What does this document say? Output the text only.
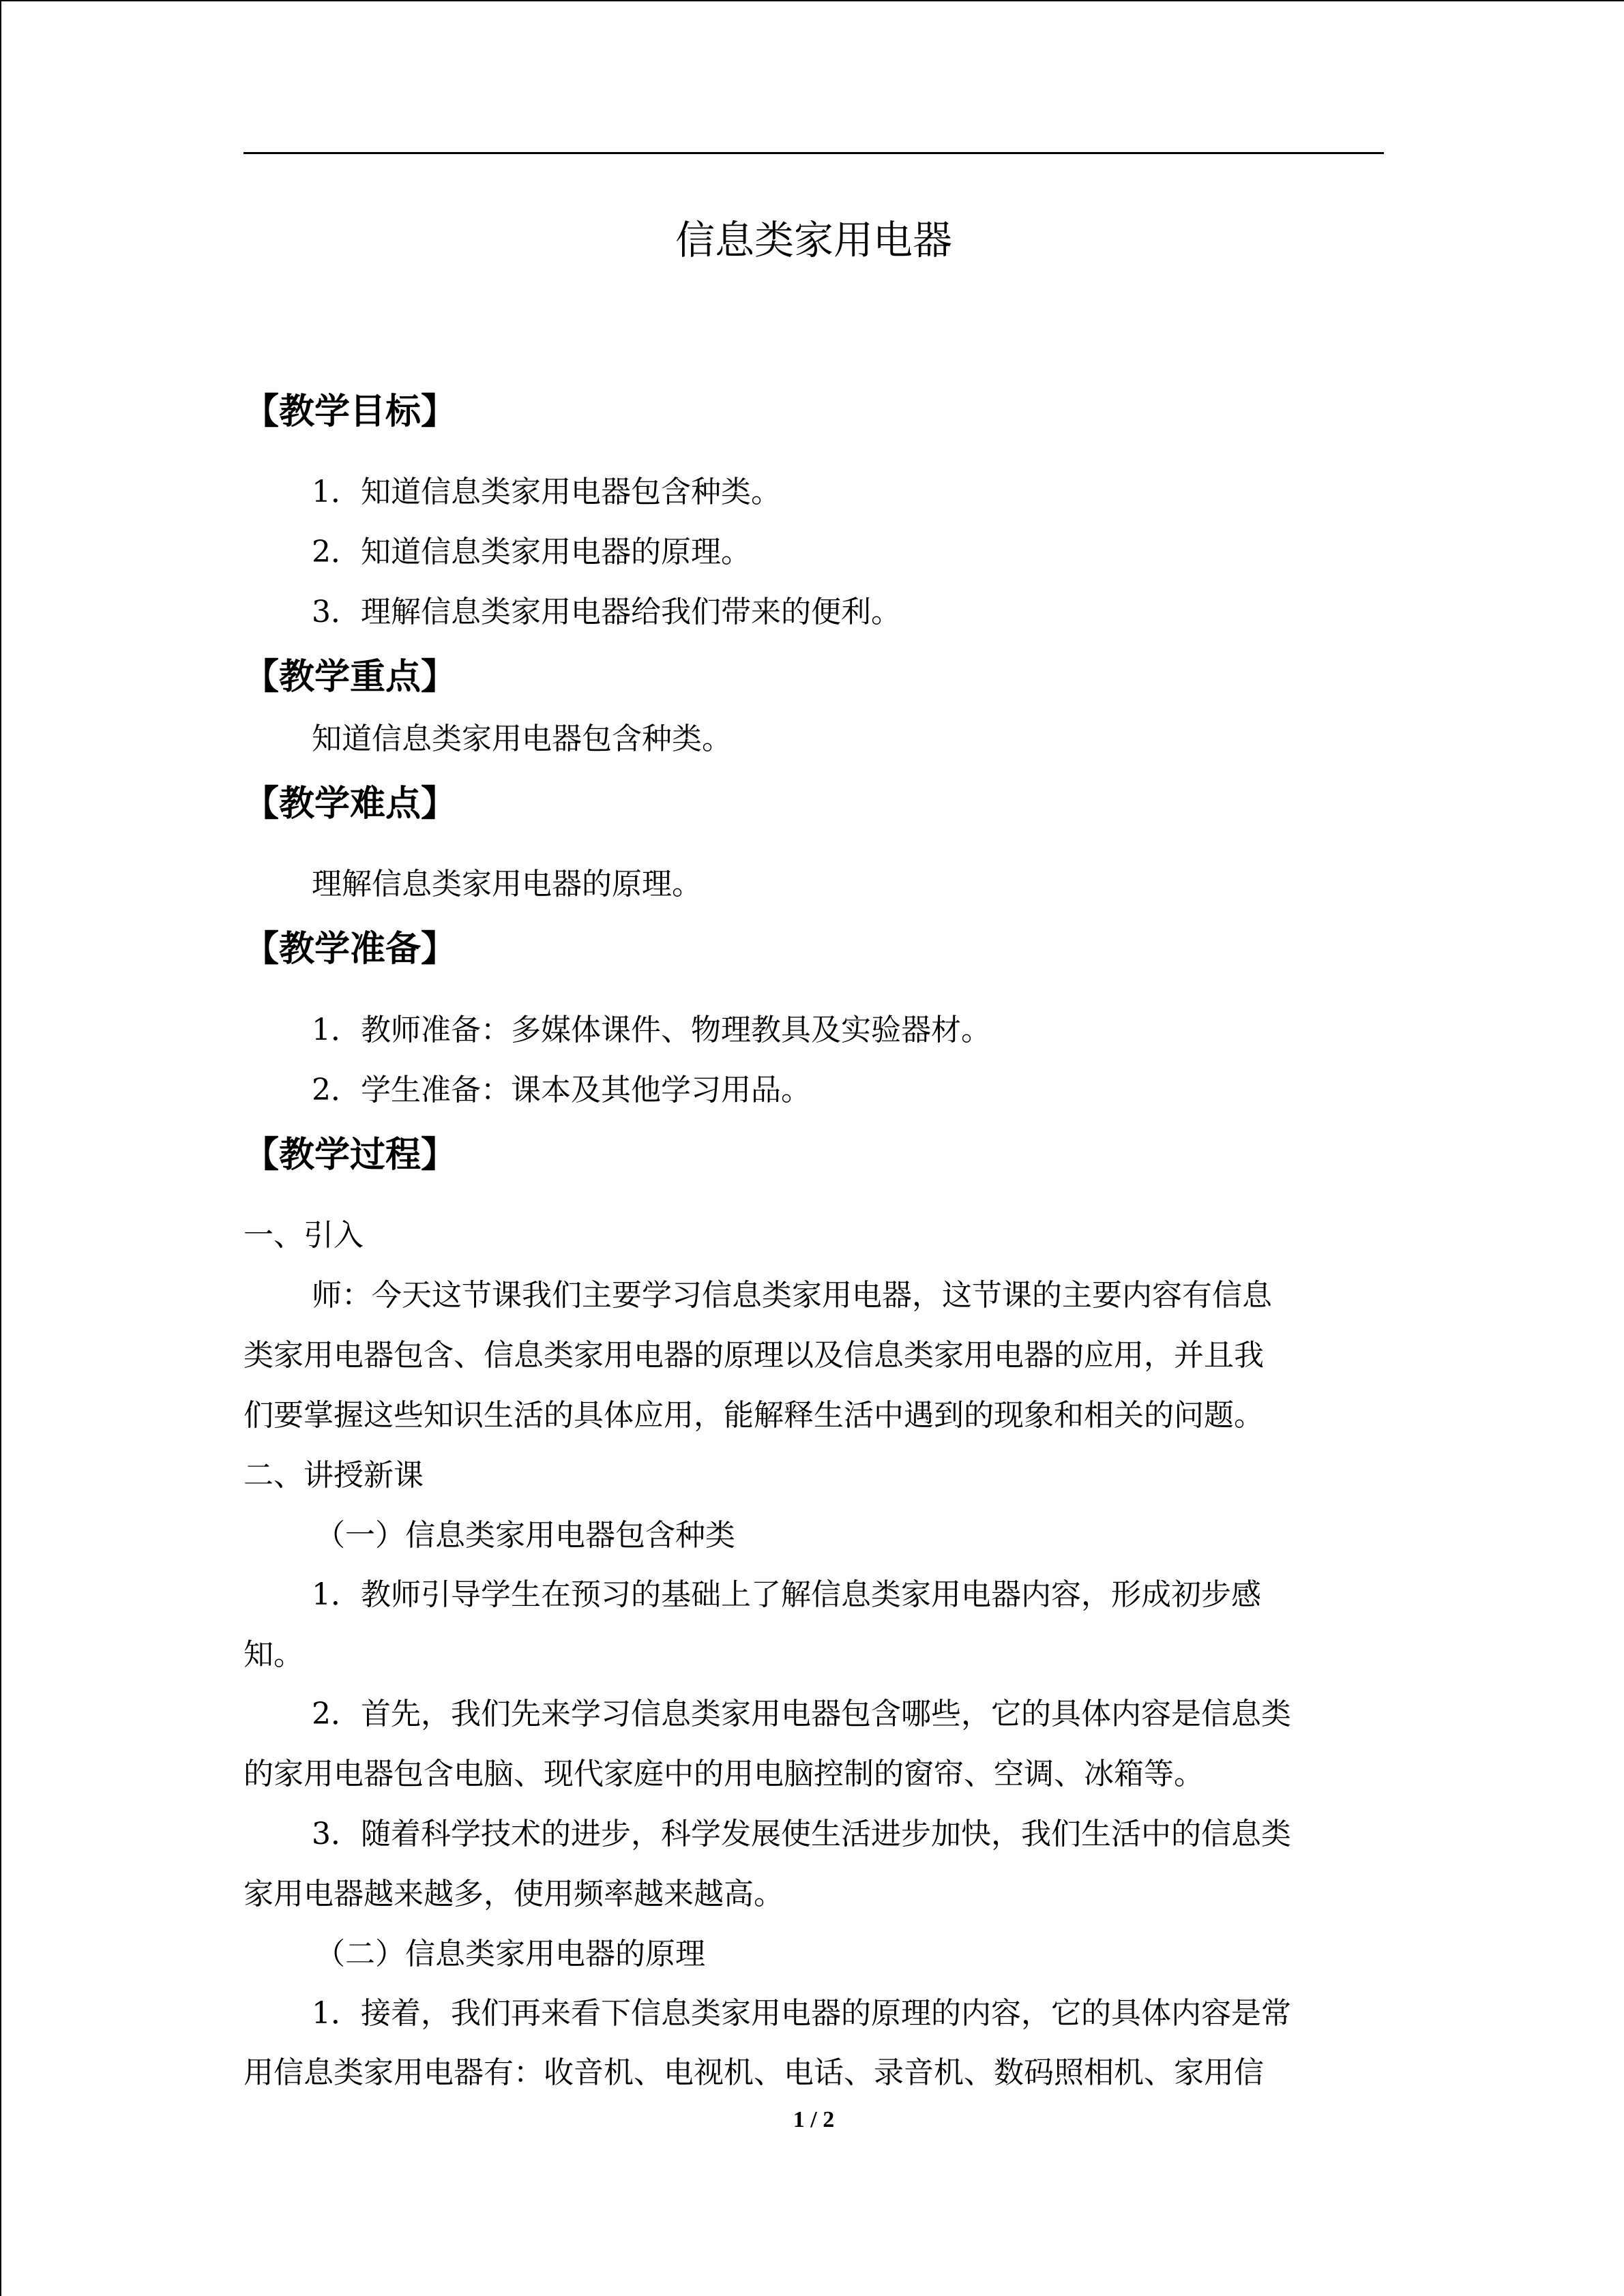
信息类家用电器
【教学目标】
1．知道信息类家用电器包含种类。
2．知道信息类家用电器的原理。
3．理解信息类家用电器给我们带来的便利。
【教学重点】
知道信息类家用电器包含种类。
【教学难点】
理解信息类家用电器的原理。
【教学准备】
1．教师准备：多媒体课件、物理教具及实验器材。
2．学生准备：课本及其他学习用品。
【教学过程】
一、引入
师：今天这节课我们主要学习信息类家用电器，这节课的主要内容有信息
类家用电器包含、信息类家用电器的原理以及信息类家用电器的应用，并且我
们要掌握这些知识生活的具体应用，能解释生活中遇到的现象和相关的问题。
二、讲授新课
（一）信息类家用电器包含种类
1．教师引导学生在预习的基础上了解信息类家用电器内容，形成初步感
知。
2．首先，我们先来学习信息类家用电器包含哪些，它的具体内容是信息类
的家用电器包含电脑、现代家庭中的用电脑控制的窗帘、空调、冰箱等。
3．随着科学技术的进步，科学发展使生活进步加快，我们生活中的信息类
家用电器越来越多，使用频率越来越高。
（二）信息类家用电器的原理
1．接着，我们再来看下信息类家用电器的原理的内容，它的具体内容是常
用信息类家用电器有：收音机、电视机、电话、录音机、数码照相机、家用信
1 / 2
